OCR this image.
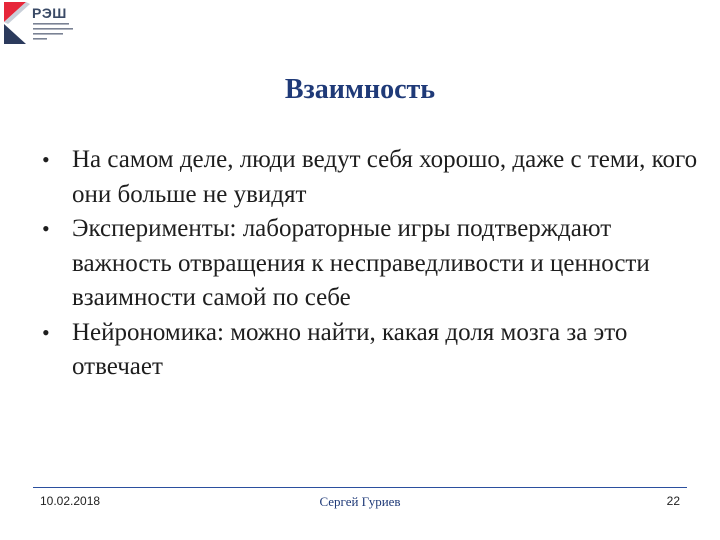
РЭШ
Взаимность
• На самом деле, люди ведут себя хорошо, даже с теми, кого они больше не увидят
• Эксперименты: лабораторные игры подтверждают важность отвращения к несправедливости и ценности взаимности самой по себе
• Нейрономика: можно найти, какая доля мозга за это отвечает
10.02.2018	Сергей Гуриев	22
